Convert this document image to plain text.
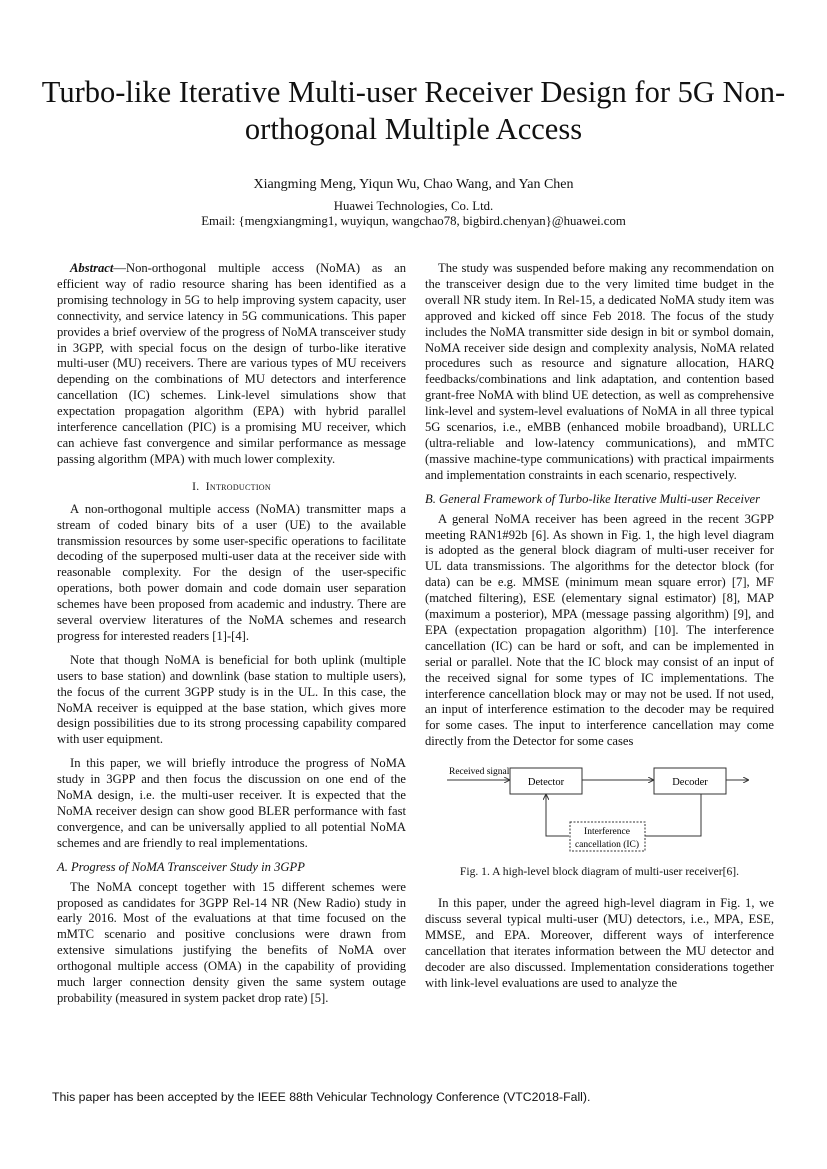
Turbo-like Iterative Multi-user Receiver Design for 5G Non-orthogonal Multiple Access
Xiangming Meng, Yiqun Wu, Chao Wang, and Yan Chen
Huawei Technologies, Co. Ltd.
Email: {mengxiangming1, wuyiqun, wangchao78, bigbird.chenyan}@huawei.com

Abstract—Non-orthogonal multiple access (NoMA) as an efficient way of radio resource sharing has been identified as a promising technology in 5G to help improving system capacity, user connectivity, and service latency in 5G communications. This paper provides a brief overview of the progress of NoMA transceiver study in 3GPP, with special focus on the design of turbo-like iterative multi-user (MU) receivers. There are various types of MU receivers depending on the combinations of MU detectors and interference cancellation (IC) schemes. Link-level simulations show that expectation propagation algorithm (EPA) with hybrid parallel interference cancellation (PIC) is a promising MU receiver, which can achieve fast convergence and similar performance as message passing algorithm (MPA) with much lower complexity.

I. Introduction

A non-orthogonal multiple access (NoMA) transmitter maps a stream of coded binary bits of a user (UE) to the available transmission resources by some user-specific operations to facilitate decoding of the superposed multi-user data at the receiver side with reasonable complexity. For the design of the user-specific operations, both power domain and code domain user separation schemes have been proposed from academic and industry. There are several overview literatures of the NoMA schemes and research progress for interested readers [1]-[4].

Note that though NoMA is beneficial for both uplink (multiple users to base station) and downlink (base station to multiple users), the focus of the current 3GPP study is in the UL. In this case, the NoMA receiver is equipped at the base station, which gives more design possibilities due to its strong processing capability compared with user equipment.

In this paper, we will briefly introduce the progress of NoMA study in 3GPP and then focus the discussion on one end of the NoMA design, i.e. the multi-user receiver. It is expected that the NoMA receiver design can show good BLER performance with fast convergence, and can be universally applied to all potential NoMA schemes and are friendly to real implementations.

A. Progress of NoMA Transceiver Study in 3GPP

The NoMA concept together with 15 different schemes were proposed as candidates for 3GPP Rel-14 NR (New Radio) study in early 2016. Most of the evaluations at that time focused on the mMTC scenario and positive conclusions were drawn from extensive simulations justifying the benefits of NoMA over orthogonal multiple access (OMA) in the capability of providing much larger connection density given the same system outage probability (measured in system packet drop rate) [5].

The study was suspended before making any recommendation on the transceiver design due to the very limited time budget in the overall NR study item. In Rel-15, a dedicated NoMA study item was approved and kicked off since Feb 2018. The focus of the study includes the NoMA transmitter side design in bit or symbol domain, NoMA receiver side design and complexity analysis, NoMA related procedures such as resource and signature allocation, HARQ feedbacks/combinations and link adaptation, and contention based grant-free NoMA with blind UE detection, as well as comprehensive link-level and system-level evaluations of NoMA in all three typical 5G scenarios, i.e., eMBB (enhanced mobile broadband), URLLC (ultra-reliable and low-latency communications), and mMTC (massive machine-type communications) with practical impairments and implementation constraints in each scenario, respectively.

B. General Framework of Turbo-like Iterative Multi-user Receiver

A general NoMA receiver has been agreed in the recent 3GPP meeting RAN1#92b [6]. As shown in Fig. 1, the high level diagram is adopted as the general block diagram of multi-user receiver for UL data transmissions. The algorithms for the detector block (for data) can be e.g. MMSE (minimum mean square error) [7], MF (matched filtering), ESE (elementary signal estimator) [8], MAP (maximum a posterior), MPA (message passing algorithm) [9], and EPA (expectation propagation algorithm) [10]. The interference cancellation (IC) can be hard or soft, and can be implemented in serial or parallel. Note that the IC block may consist of an input of the received signal for some types of IC implementations. The interference cancellation block may or may not be used. If not used, an input of interference estimation to the decoder may be required for some cases. The input to interference cancellation may come directly from the Detector for some cases

Received signal
Detector	Decoder
Interference
cancellation (IC)
Fig. 1. A high-level block diagram of multi-user receiver[6].

In this paper, under the agreed high-level diagram in Fig. 1, we discuss several typical multi-user (MU) detectors, i.e., MPA, ESE, MMSE, and EPA. Moreover, different ways of interference cancellation that iterates information between the MU detector and decoder are also discussed. Implementation considerations together with link-level evaluations are used to analyze the

This paper has been accepted by the IEEE 88th Vehicular Technology Conference (VTC2018-Fall).
